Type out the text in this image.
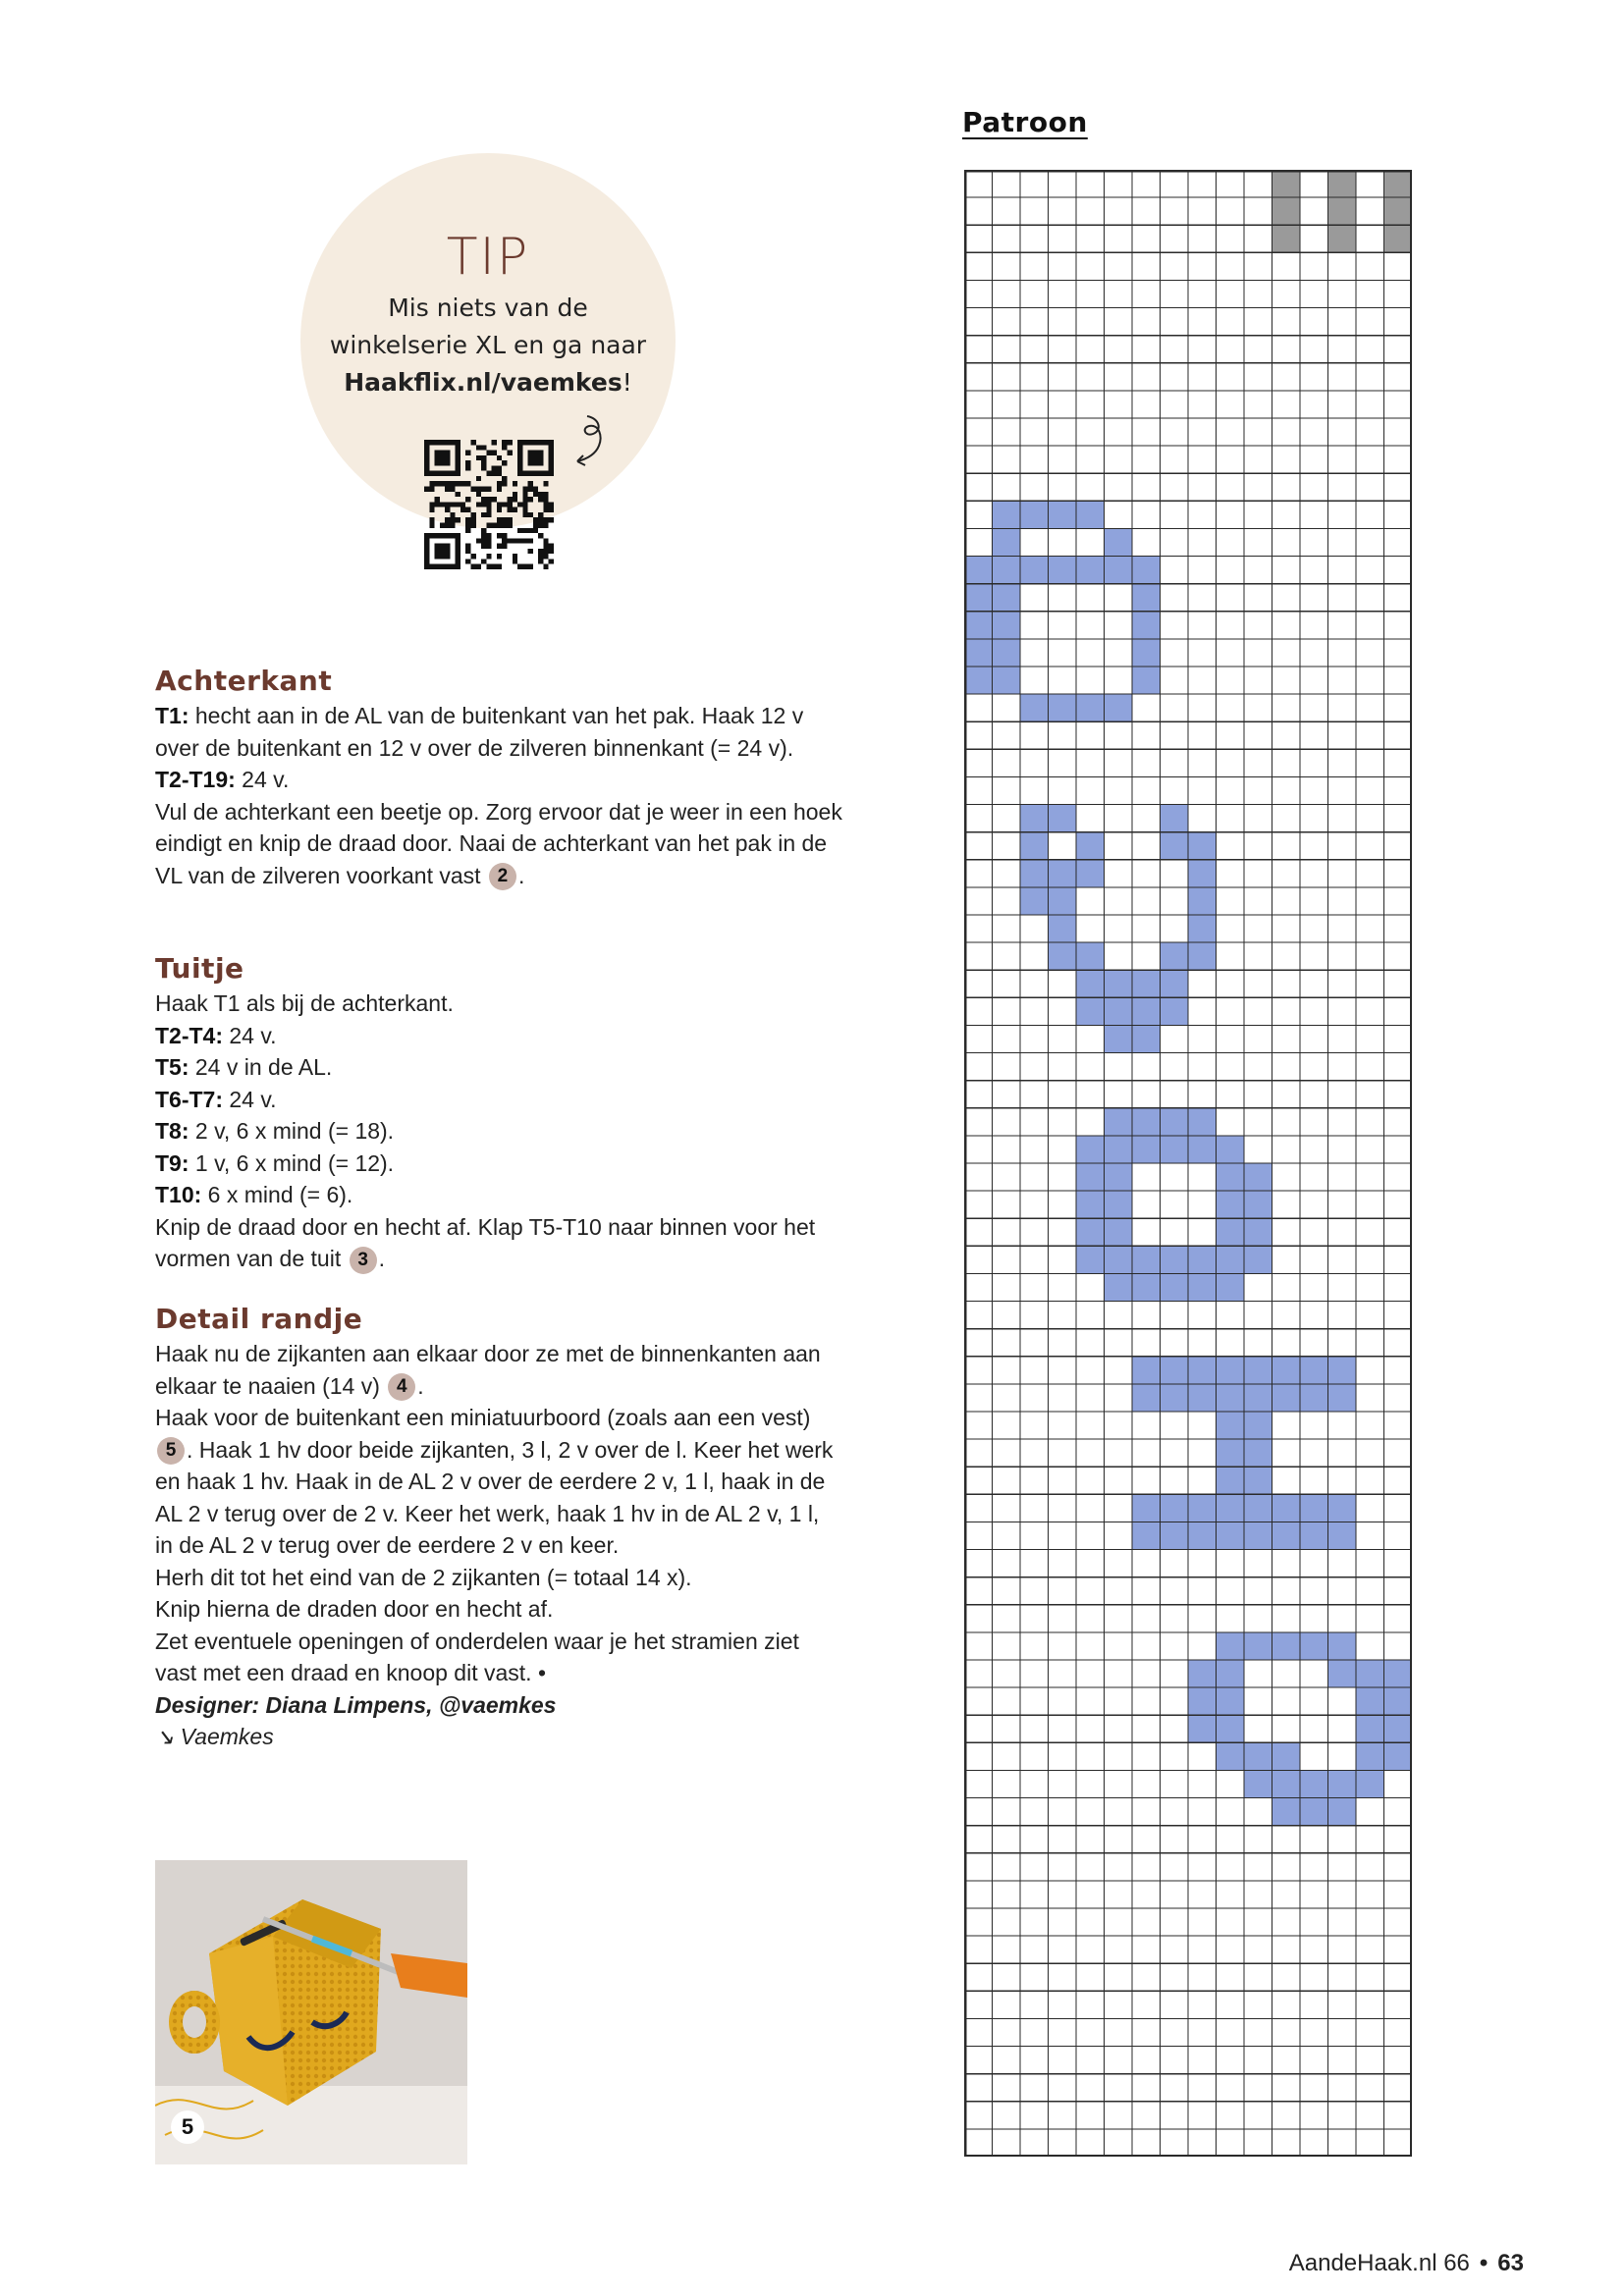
TIP
Mis niets van de
winkelserie XL en ga naar
Haakflix.nl/vaemkes!
Achterkant

T1: hecht aan in de AL van de buitenkant van het pak. Haak 12 v over de buitenkant en 12 v over de zilveren binnenkant (= 24 v).

T2-T19: 24 v.

Vul de achterkant een beetje op. Zorg ervoor dat je weer in een hoek eindigt en knip de draad door. Naai de achterkant van het pak in de VL van de zilveren voorkant vast 2 .

Tuitje

Haak T1 als bij de achterkant.

T2-T4: 24 v.

T5: 24 v in de AL.

T6-T7: 24 v.

T8: 2 v, 6 x mind (= 18).

T9: 1 v, 6 x mind (= 12).

T10: 6 x mind (= 6).

Knip de draad door en hecht af. Klap T5-T10 naar binnen voor het vormen van de tuit 3 .

Detail randje

Haak nu de zijkanten aan elkaar door ze met de binnenkanten aan elkaar te naaien (14 v) 4 .

Haak voor de buitenkant een miniatuurboord (zoals aan een vest) 5 . Haak 1 hv door beide zijkanten, 3 l, 2 v over de l. Keer het werk en haak 1 hv. Haak in de AL 2 v over de eerdere 2 v, 1 l, haak in de AL 2 v terug over de 2 v. Keer het werk, haak 1 hv in de AL 2 v, 1 l, in de AL 2 v terug over de eerdere 2 v en keer.

Herh dit tot het eind van de 2 zijkanten (= totaal 14 x).

Knip hierna de draden door en hecht af.

Zet eventuele openingen of onderdelen waar je het stramien ziet vast met een draad en knoop dit vast. •

Designer: Diana Limpens, @vaemkes

↘ Vaemkes

5
Patroon
AandeHaak.nl 66 • 63
